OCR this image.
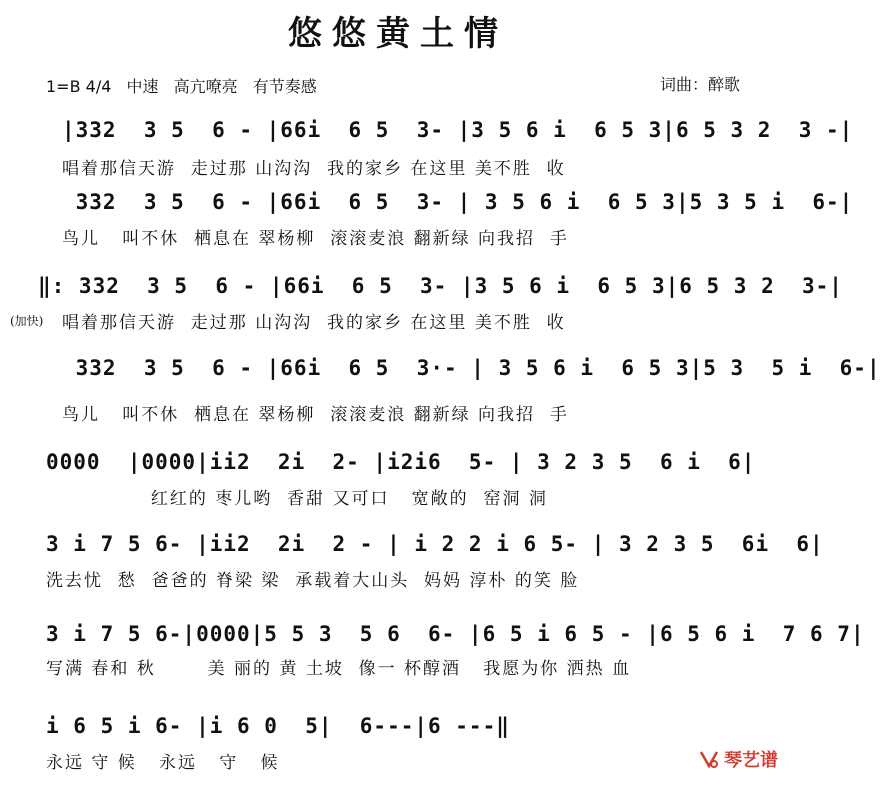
悠悠黄土情
1=B 4/4 中速 高亢嘹亮 有节奏感	词曲：醉歌
|332  3 5  6 - |66i  6 5  3- |3 5 6 i  6 5 3|6 5 3 2  3 -|
唱着那信天游  走过那 山沟沟  我的家乡 在这里 美不胜  收
332  3 5  6 - |66i  6 5  3- | 3 5 6 i  6 5 3|5 3 5 i  6-|
鸟儿   叫不休  栖息在 翠杨柳  滚滚麦浪 翻新绿 向我招  手
‖: 332  3 5  6 - |66i  6 5  3- |3 5 6 i  6 5 3|6 5 3 2  3-|
(加快) 唱着那信天游  走过那 山沟沟  我的家乡 在这里 美不胜  收
332  3 5  6 - |66i  6 5  3·- | 3 5 6 i  6 5 3|5 3  5 i  6-|
鸟儿   叫不休  栖息在 翠杨柳  滚滚麦浪 翻新绿 向我招  手
0000  |0000|ii2  2i  2- |i2i6  5- | 3 2 3 5  6 i  6|
红红的 枣儿哟  香甜 又可口   宽敞的  窑洞 洞
3 i 7 5 6- |ii2  2i  2 - | i 2 2 i 6 5- | 3 2 3 5  6i  6|
洗去忧  愁  爸爸的 脊梁 梁  承载着大山头  妈妈 淳朴 的笑 脸
3 i 7 5 6-|0000|5 5 3  5 6  6- |6 5 i 6 5 - |6 5 6 i  7 6 7|
写满 春和 秋       美 丽的 黄 土坡  像一 杯醇酒   我愿为你 洒热 血
i 6 5 i 6- |i 6 0  5|  6---|6 ---‖
永远 守 候   永远   守   候	琴艺谱
